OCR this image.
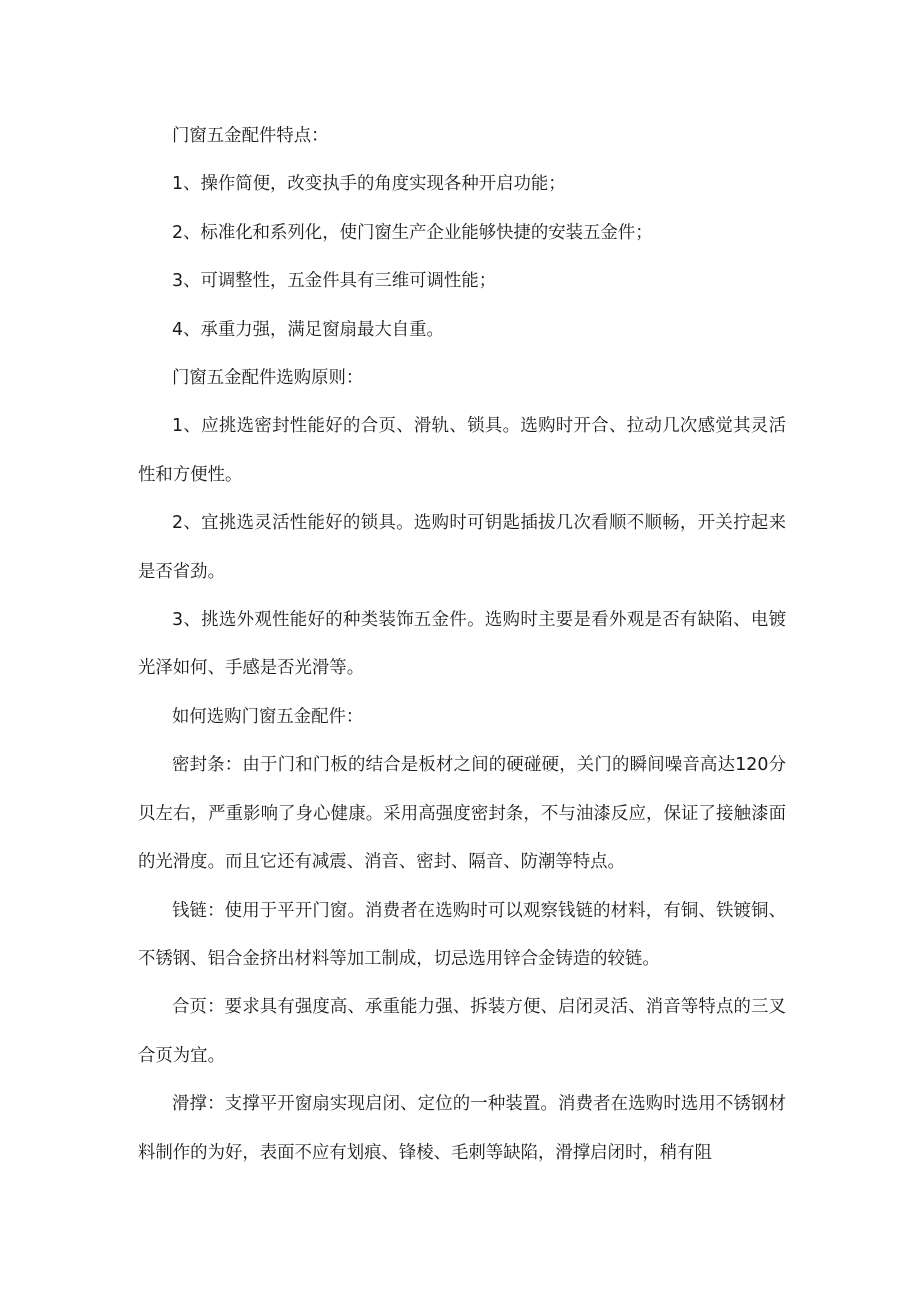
门窗五金配件特点：

1、操作简便，改变执手的角度实现各种开启功能；

2、标准化和系列化，使门窗生产企业能够快捷的安装五金件；

3、可调整性，五金件具有三维可调性能；

4、承重力强，满足窗扇最大自重。

门窗五金配件选购原则：

1、应挑选密封性能好的合页、滑轨、锁具。选购时开合、拉动几次感觉其灵活性和方便性。

2、宜挑选灵活性能好的锁具。选购时可钥匙插拔几次看顺不顺畅，开关拧起来是否省劲。

3、挑选外观性能好的种类装饰五金件。选购时主要是看外观是否有缺陷、电镀光泽如何、手感是否光滑等。

如何选购门窗五金配件：

密封条：由于门和门板的结合是板材之间的硬碰硬，关门的瞬间噪音高达120分贝左右，严重影响了身心健康。采用高强度密封条，不与油漆反应，保证了接触漆面的光滑度。而且它还有减震、消音、密封、隔音、防潮等特点。

钱链：使用于平开门窗。消费者在选购时可以观察钱链的材料，有铜、铁镀铜、不锈钢、铝合金挤出材料等加工制成，切忌选用锌合金铸造的较链。

合页：要求具有强度高、承重能力强、拆装方便、启闭灵活、消音等特点的三叉合页为宜。

滑撑：支撑平开窗扇实现启闭、定位的一种装置。消费者在选购时选用不锈钢材料制作的为好，表面不应有划痕、锋棱、毛刺等缺陷，滑撑启闭时，稍有阻
